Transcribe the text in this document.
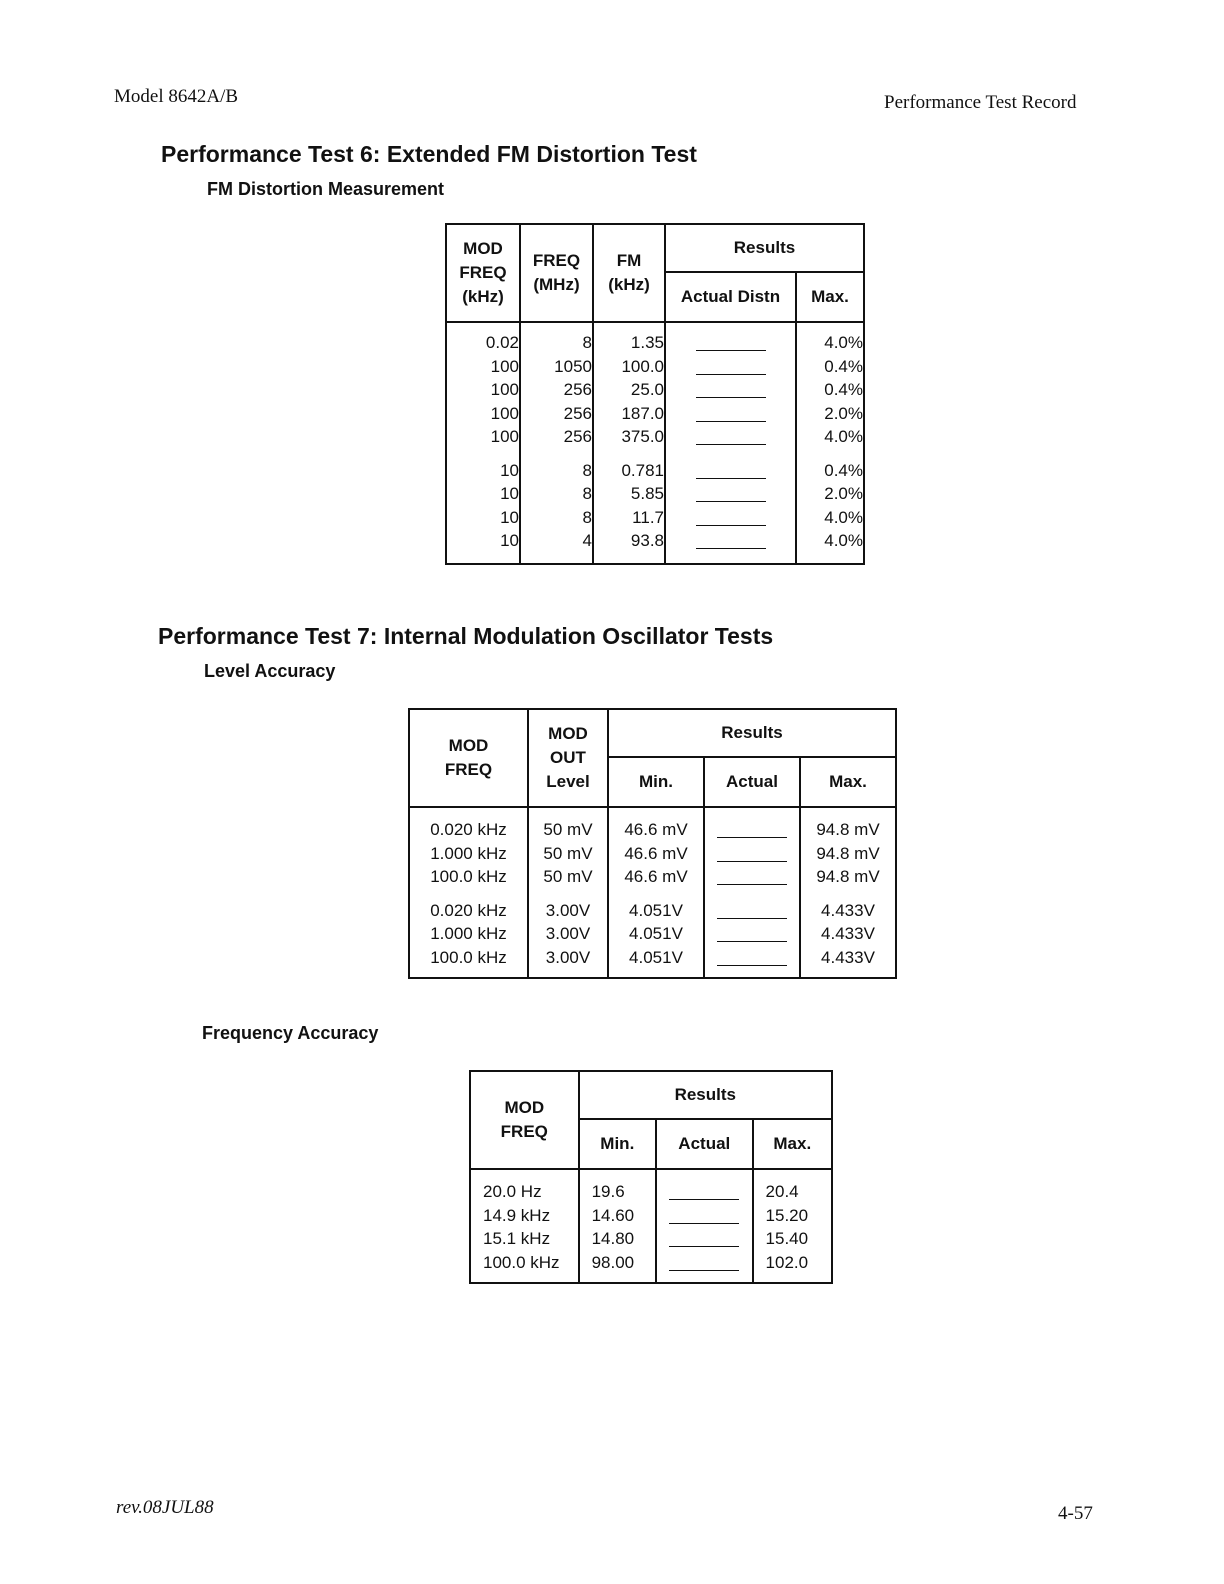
Model 8642A/B	Performance Test Record
Performance Test 6: Extended FM Distortion Test
FM Distortion Measurement
MOD
FREQ
(kHz)	FREQ
(MHz)	FM
(kHz)	Results	
			Actual Distn	Max.
0.02	8	1.35		4.0%
100	1050	100.0		0.4%
100	256	25.0		0.4%
100	256	187.0		2.0%
100	256	375.0		4.0%
10	8	0.781		0.4%
10	8	5.85		2.0%
10	8	11.7		4.0%
10	4	93.8		4.0%
Performance Test 7: Internal Modulation Oscillator Tests
Level Accuracy
MOD
FREQ	MOD
OUT
Level	Results		
		Min.	Actual	Max.
0.020 kHz	50 mV	46.6 mV		94.8 mV
1.000 kHz	50 mV	46.6 mV		94.8 mV
100.0 kHz	50 mV	46.6 mV		94.8 mV
0.020 kHz	3.00V	4.051V		4.433V
1.000 kHz	3.00V	4.051V		4.433V
100.0 kHz	3.00V	4.051V		4.433V
Frequency Accuracy
MOD
FREQ	Results		
	Min.	Actual	Max.
20.0 Hz	19.6		20.4
14.9 kHz	14.60		15.20
15.1 kHz	14.80		15.40
100.0 kHz	98.00		102.0
rev.08JUL88	4-57
